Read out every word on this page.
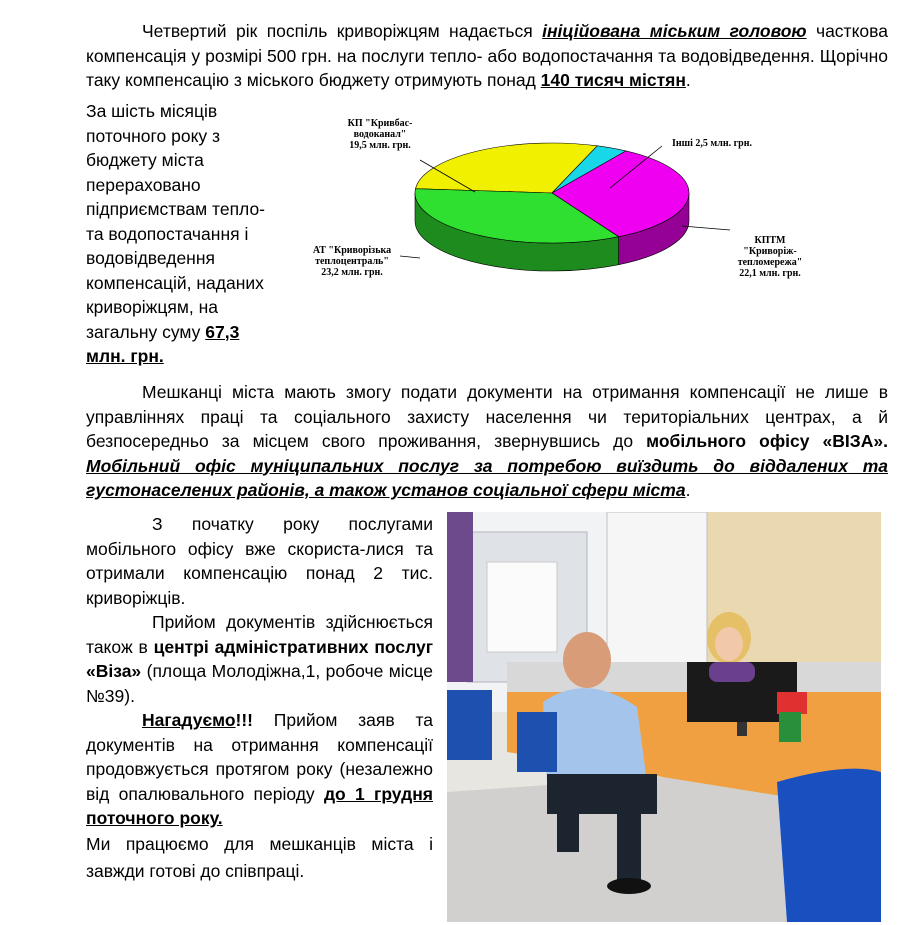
Четвертий рік поспіль криворіжцям надається ініційована міським головою часткова компенсація у розмірі 500 грн. на послуги тепло- або водопостачання та водовідведення. Щорічно таку компенсацію з міського бюджету отримують понад 140 тисяч містян.
За шість місяців поточного року з бюджету міста перераховано підприємствам тепло-та водопостачання і водовідведення компенсацій, наданих криворіжцям, на загальну суму 67,3 млн. грн.
КП "Кривбас-водоканал" 19,5 млн. грн.	Інші 2,5 млн. грн.
КПТМ "Криворіж-тепломережа" 22,1 млн. грн.
АТ "Криворізька теплоцентраль" 23,2 млн. грн.
Мешканці міста мають змогу подати документи на отримання компенсації не лише в управліннях праці та соціального захисту населення чи територіальних центрах, а й безпосередньо за місцем свого проживання, звернувшись до мобільного офісу «ВІЗА». Мобільний офіс муніципальних послуг за потребою виїздить до віддалених та густонаселених районів, а також установ соціальної сфери міста.
З початку року послугами мобільного офісу вже скориста-лися та отримали компенсацію понад 2 тис. криворіжців.
Прийом документів здійснюється також в центрі адміністративних послуг «Віза» (площа Молодіжна,1, робоче місце №39).
Нагадуємо!!! Прийом заяв та документів на отримання компенсації продовжується протягом року (незалежно від опалювального періоду до 1 грудня поточного року.
Ми працюємо для мешканців міста і завжди готові до співпраці.
